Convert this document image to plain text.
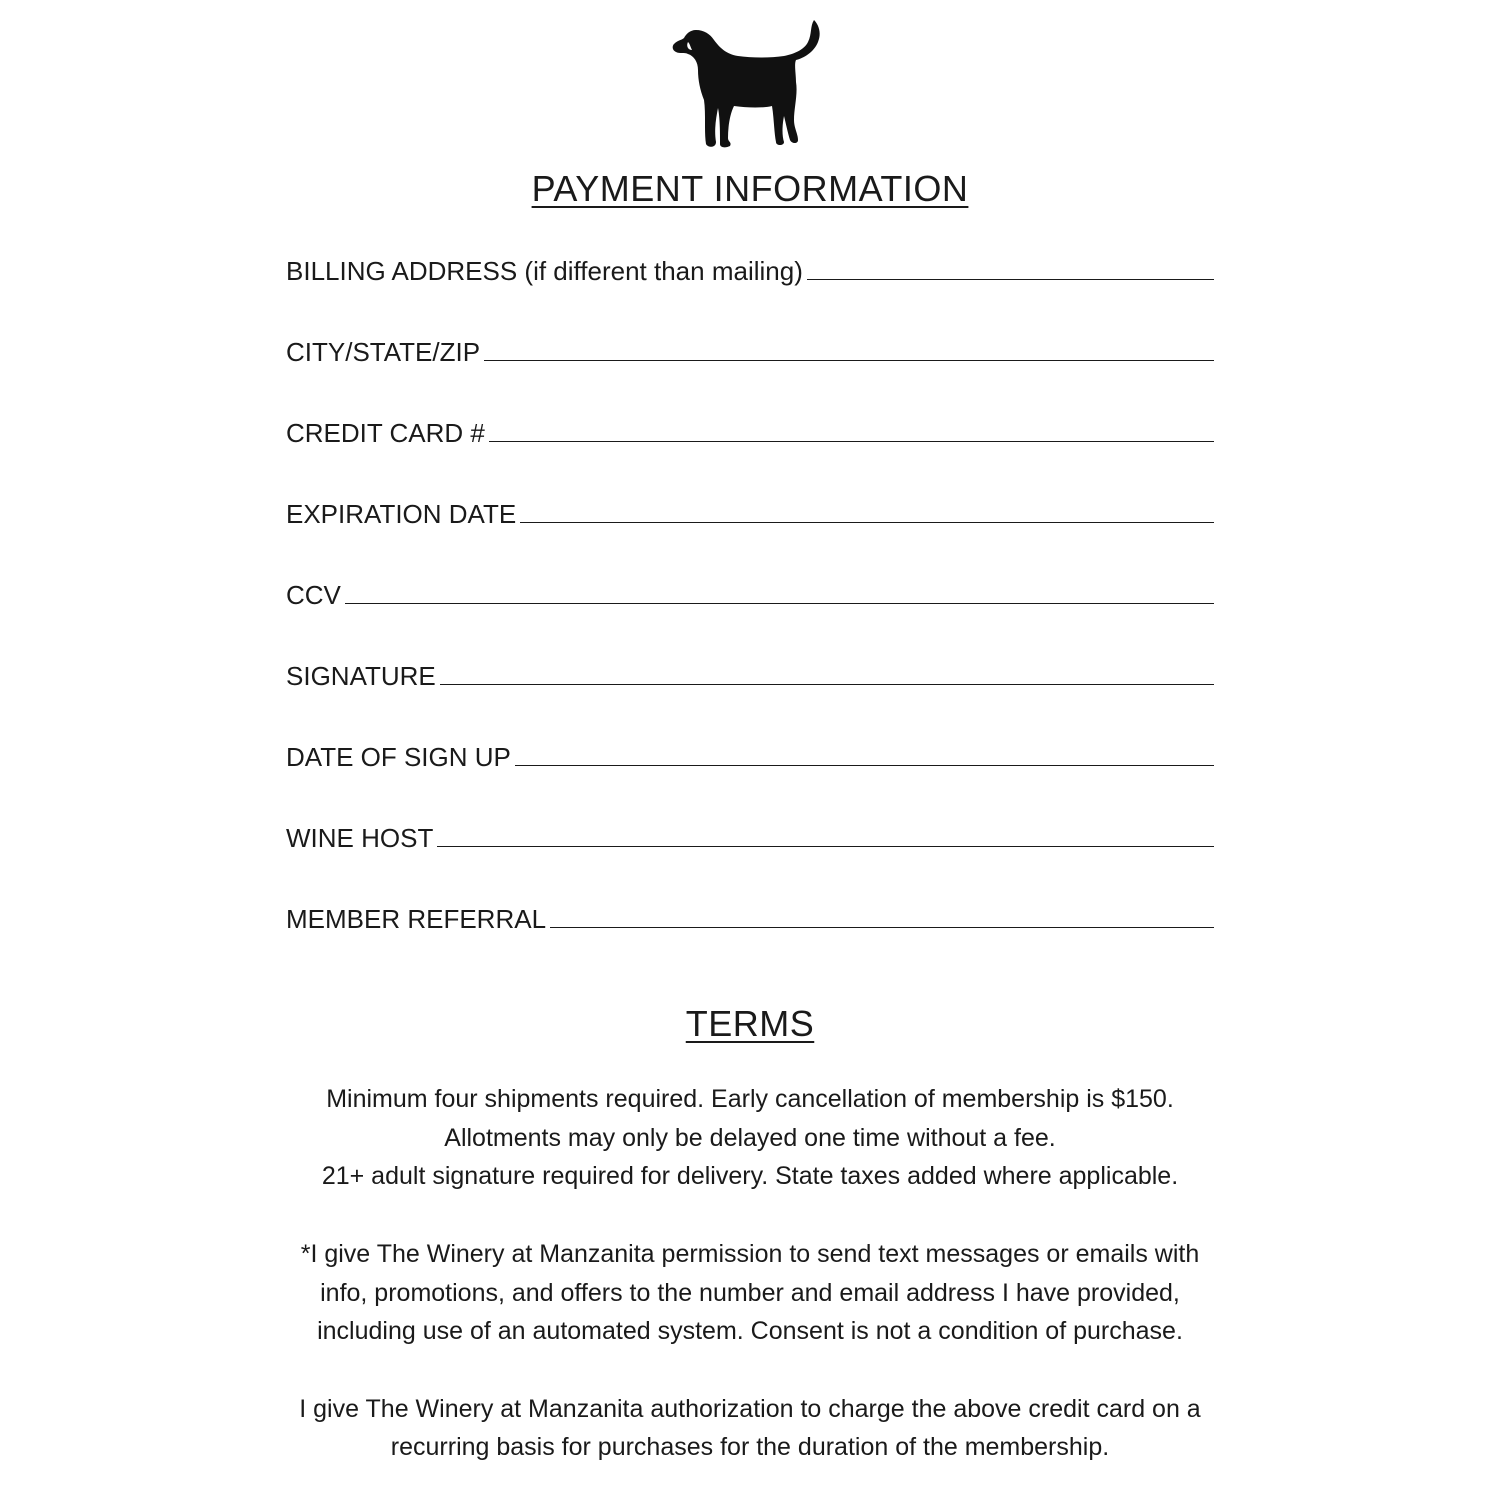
PAYMENT INFORMATION
BILLING ADDRESS (if different than mailing)
CITY/STATE/ZIP
CREDIT CARD #
EXPIRATION DATE
CCV
SIGNATURE
DATE OF SIGN UP
WINE HOST
MEMBER REFERRAL
TERMS

Minimum four shipments required. Early cancellation of membership is $150.
Allotments may only be delayed one time without a fee.
21+ adult signature required for delivery. State taxes added where applicable.

*I give The Winery at Manzanita permission to send text messages or emails with
info, promotions, and offers to the number and email address I have provided,
including use of an automated system. Consent is not a condition of purchase.

I give The Winery at Manzanita authorization to charge the above credit card on a
recurring basis for purchases for the duration of the membership.
